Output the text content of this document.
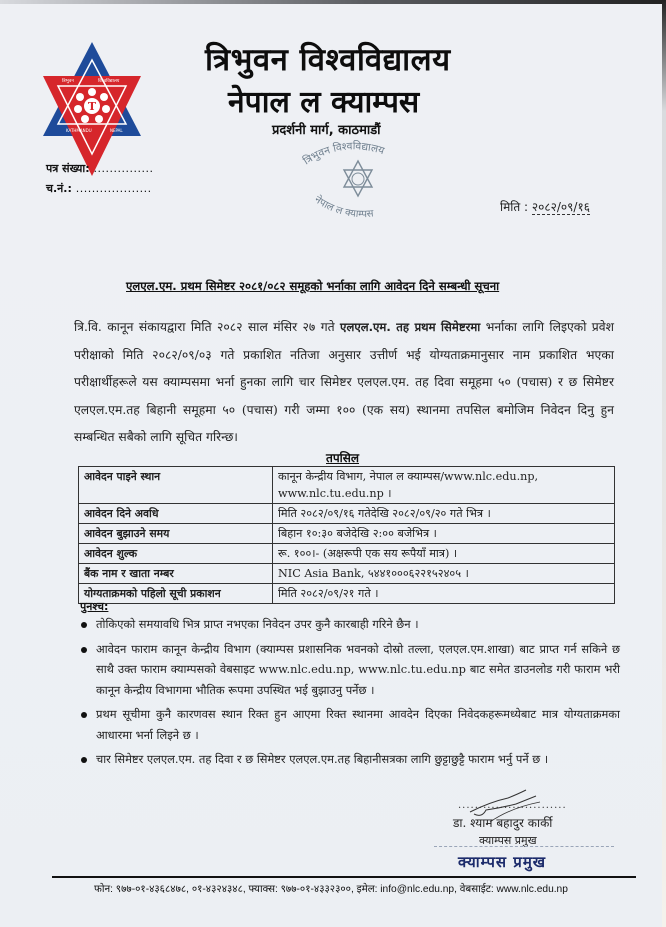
T
त्रिभुवन	विश्वविद्यालय
KATHMANDU	NEPAL
त्रिभुवन विश्वविद्यालय
नेपाल ल क्याम्पस
प्रदर्शनी मार्ग, काठमाडौं
त्रिभुवन विश्वविद्यालय
नेपाल ल क्याम्पस
पत्र संख्या: ...............
च.नं.: ...................
मिति : २०८२/०९/१६
एलएल.एम. प्रथम सिमेष्टर २०८१/०८२ समूहको भर्नाका लागि आवेदन दिने सम्बन्धी सूचना

त्रि.वि. कानून संकायद्वारा मिति २०८२ साल मंसिर २७ गते एलएल.एम. तह प्रथम सिमेष्टरमा भर्नाका लागि लिइएको प्रवेश परीक्षाको मिति २०८२/०९/०३ गते प्रकाशित नतिजा अनुसार उत्तीर्ण भई योग्यताक्रमानुसार नाम प्रकाशित भएका परीक्षार्थीहरूले यस क्याम्पसमा भर्ना हुनका लागि चार सिमेष्टर एलएल.एम. तह दिवा समूहमा ५० (पचास) र छ सिमेष्टर एलएल.एम.तह बिहानी समूहमा ५० (पचास) गरी जम्मा १०० (एक सय) स्थानमा तपसिल बमोजिम निवेदन दिनु हुन सम्बन्धित सबैको लागि सूचित गरिन्छ।

तपसिल
आवेदन पाइने स्थान	कानून केन्द्रीय विभाग, नेपाल ल क्याम्पस/www.nlc.edu.np, www.nlc.tu.edu.np ।
आवेदन दिने अवधि	मिति २०८२/०९/१६ गतेदेखि २०८२/०९/२० गते भित्र ।
आवेदन बुझाउने समय	बिहान १०:३० बजेदेखि २:०० बजेभित्र ।
आवेदन शुल्क	रू. १००।- (अक्षरूपी एक सय रूपैयाँ मात्र) ।
बैंक नाम र खाता नम्बर	NIC Asia Bank, ५४४१०००६२२१५२४०५ ।
योग्यताक्रमको पहिलो सूची प्रकाशन	मिति २०८२/०९/२१ गते ।
पुनश्च:
तोकिएको समयावधि भित्र प्राप्त नभएका निवेदन उपर कुनै कारबाही गरिने छैन ।
आवेदन फाराम कानून केन्द्रीय विभाग (क्याम्पस प्रशासनिक भवनको दोस्रो तल्ला, एलएल.एम.शाखा) बाट प्राप्त गर्न सकिने छ साथै उक्त फाराम क्याम्पसको वेबसाइट www.nlc.edu.np, www.nlc.tu.edu.np बाट समेत डाउनलोड गरी फाराम भरी कानून केन्द्रीय विभागमा भौतिक रूपमा उपस्थित भई बुझाउनु पर्नेछ ।
प्रथम सूचीमा कुनै कारणवस स्थान रिक्त हुन आएमा रिक्त स्थानमा आवदेन दिएका निवेदकहरूमध्येबाट मात्र योग्यताक्रमका आधारमा भर्ना लिइने छ ।
चार सिमेष्टर एलएल.एम. तह दिवा र छ सिमेष्टर एलएल.एम.तह बिहानीसत्रका लागि छुट्टाछुट्टै फाराम भर्नु पर्ने छ ।
..........................
डा. श्याम बहादुर कार्की
क्याम्पस प्रमुख
क्याम्पस प्रमुख
फोन: ९७७-०१-४३६८४७८, ०१-४३२४३४८, फ्याक्स: ९७७-०१-४३३२३००, इमेल: info@nlc.edu.np, वेबसाईट: www.nlc.edu.np
